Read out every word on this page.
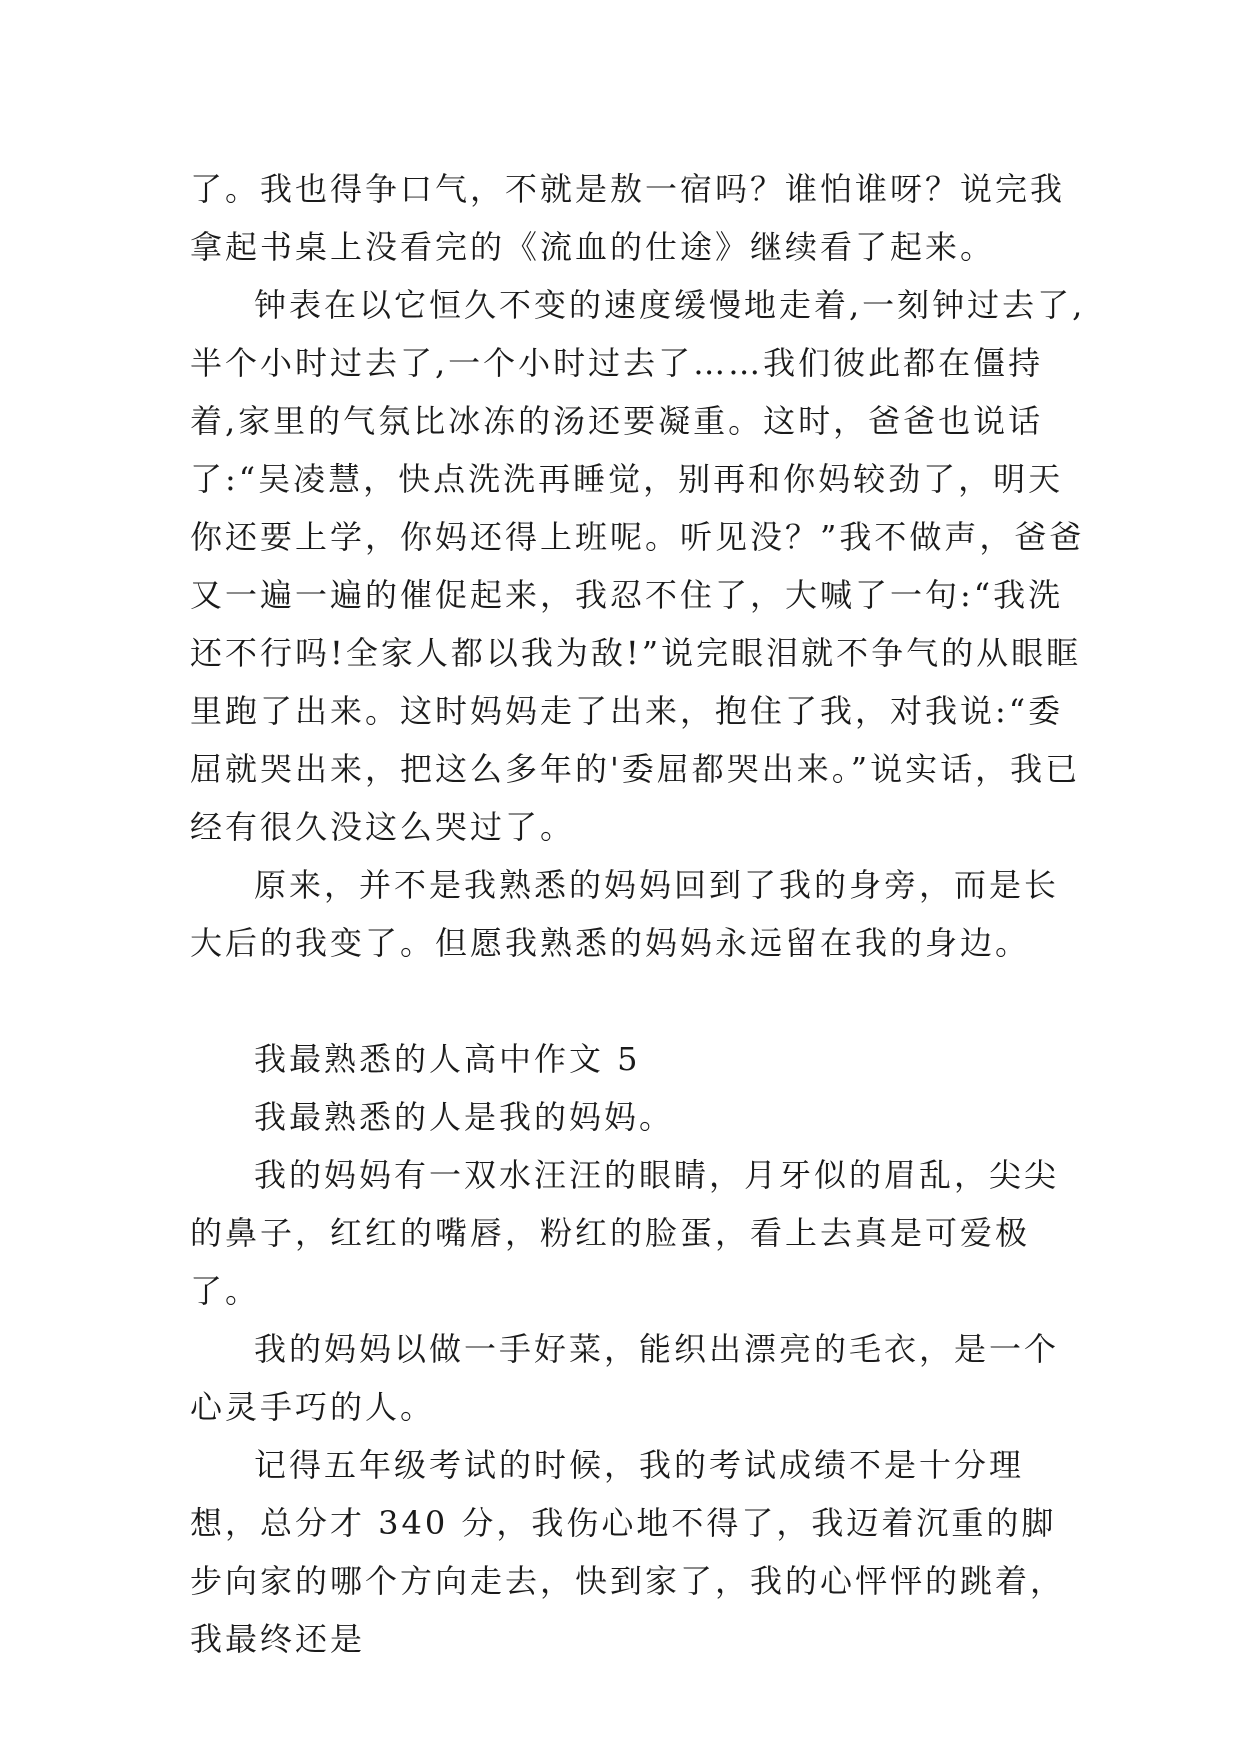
了。我也得争口气，不就是敖一宿吗？谁怕谁呀？说完我拿起书桌上没看完的《流血的仕途》继续看了起来。

钟表在以它恒久不变的速度缓慢地走着,一刻钟过去了,半个小时过去了,一个小时过去了……我们彼此都在僵持着,家里的气氛比冰冻的汤还要凝重。这时，爸爸也说话了:“吴凌慧，快点洗洗再睡觉，别再和你妈较劲了，明天你还要上学，你妈还得上班呢。听见没？”我不做声，爸爸又一遍一遍的催促起来，我忍不住了，大喊了一句:“我洗还不行吗!全家人都以我为敌!”说完眼泪就不争气的从眼眶里跑了出来。这时妈妈走了出来，抱住了我，对我说:“委屈就哭出来，把这么多年的'委屈都哭出来。”说实话，我已经有很久没这么哭过了。

原来，并不是我熟悉的妈妈回到了我的身旁，而是长大后的我变了。但愿我熟悉的妈妈永远留在我的身边。

我最熟悉的人高中作文 5

我最熟悉的人是我的妈妈。

我的妈妈有一双水汪汪的眼睛，月牙似的眉乱，尖尖的鼻子，红红的嘴唇，粉红的脸蛋，看上去真是可爱极了。

我的妈妈以做一手好菜，能织出漂亮的毛衣，是一个心灵手巧的人。

记得五年级考试的时候，我的考试成绩不是十分理想，总分才 340 分，我伤心地不得了，我迈着沉重的脚步向家的哪个方向走去，快到家了，我的心怦怦的跳着，我最终还是
